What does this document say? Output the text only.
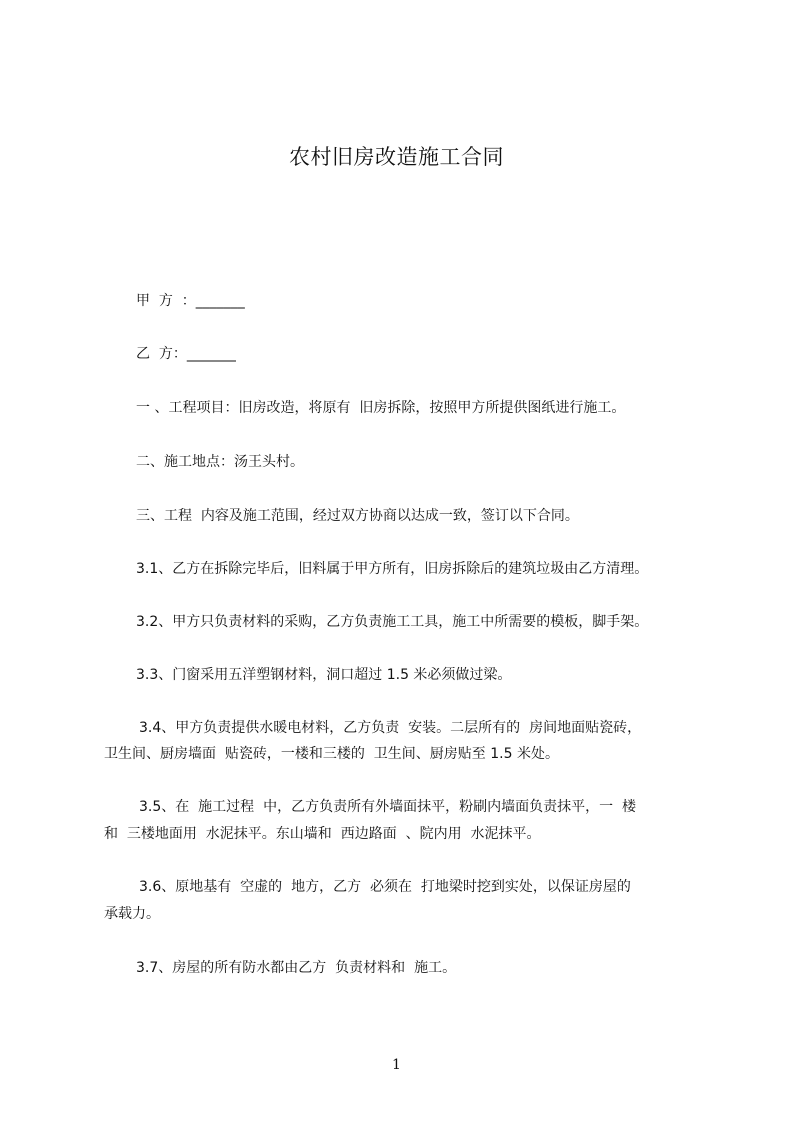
农村旧房改造施工合同
甲  方  ：_______
乙  方：_______
一 、工程项目：旧房改造，将原有  旧房拆除，按照甲方所提供图纸进行施工。
二、施工地点：汤王头村。
三、工程  内容及施工范围，经过双方协商以达成一致，签订以下合同。
3.1、乙方在拆除完毕后，旧料属于甲方所有，旧房拆除后的建筑垃圾由乙方清理。
3.2、甲方只负责材料的采购，乙方负责施工工具，施工中所需要的模板，脚手架。
3.3、门窗采用五洋塑钢材料，洞口超过 1.5 米必须做过梁。
3.4、甲方负责提供水暖电材料，乙方负责  安装。二层所有的  房间地面贴瓷砖，
卫生间、厨房墙面  贴瓷砖，一楼和三楼的  卫生间、厨房贴至 1.5 米处。
3.5、在  施工过程  中，乙方负责所有外墙面抹平，粉刷内墙面负责抹平，一  楼
和  三楼地面用  水泥抹平。东山墙和  西边路面  、院内用  水泥抹平。
3.6、原地基有  空虚的  地方，乙方  必须在  打地梁时挖到实处，以保证房屋的
承载力。
3.7、房屋的所有防水都由乙方  负责材料和  施工。
1
